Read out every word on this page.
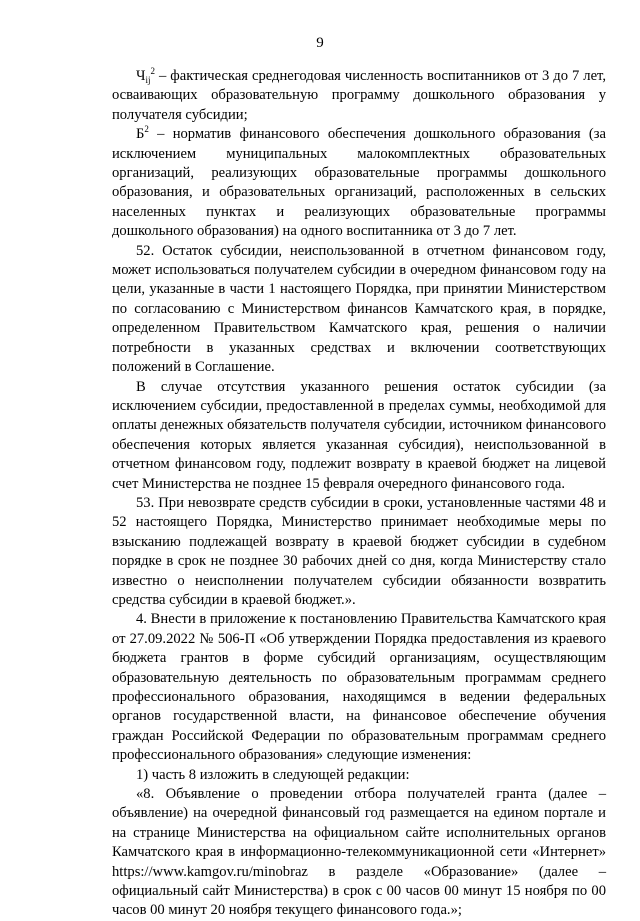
9

$Ч_{ij}^2$ – фактическая среднегодовая численность воспитанников от 3 до 7 лет, осваивающих образовательную программу дошкольного образования у получателя субсидии;

$Б^2$ – норматив финансового обеспечения дошкольного образования (за исключением муниципальных малокомплектных образовательных организаций, реализующих образовательные программы дошкольного образования, и образовательных организаций, расположенных в сельских населенных пунктах и реализующих образовательные программы дошкольного образования) на одного воспитанника от 3 до 7 лет.

52. Остаток субсидии, неиспользованной в отчетном финансовом году, может использоваться получателем субсидии в очередном финансовом году на цели, указанные в части 1 настоящего Порядка, при принятии Министерством по согласованию с Министерством финансов Камчатского края, в порядке, определенном Правительством Камчатского края, решения о наличии потребности в указанных средствах и включении соответствующих положений в Соглашение.

В случае отсутствия указанного решения остаток субсидии (за исключением субсидии, предоставленной в пределах суммы, необходимой для оплаты денежных обязательств получателя субсидии, источником финансового обеспечения которых является указанная субсидия), неиспользованной в отчетном финансовом году, подлежит возврату в краевой бюджет на лицевой счет Министерства не позднее 15 февраля очередного финансового года.

53. При невозврате средств субсидии в сроки, установленные частями 48 и 52 настоящего Порядка, Министерство принимает необходимые меры по взысканию подлежащей возврату в краевой бюджет субсидии в судебном порядке в срок не позднее 30 рабочих дней со дня, когда Министерству стало известно о неисполнении получателем субсидии обязанности возвратить средства субсидии в краевой бюджет.».

4. Внести в приложение к постановлению Правительства Камчатского края от 27.09.2022 № 506-П «Об утверждении Порядка предоставления из краевого бюджета грантов в форме субсидий организациям, осуществляющим образовательную деятельность по образовательным программам среднего профессионального образования, находящимся в ведении федеральных органов государственной власти, на финансовое обеспечение обучения граждан Российской Федерации по образовательным программам среднего профессионального образования» следующие изменения:

1) часть 8 изложить в следующей редакции:

«8. Объявление о проведении отбора получателей гранта (далее – объявление) на очередной финансовый год размещается на едином портале и на странице Министерства на официальном сайте исполнительных органов Камчатского края в информационно-телекоммуникационной сети «Интернет» https://www.kamgov.ru/minobraz в разделе «Образование» (далее – официальный сайт Министерства) в срок с 00 часов 00 минут 15 ноября по 00 часов 00 минут 20 ноября текущего финансового года.»;
